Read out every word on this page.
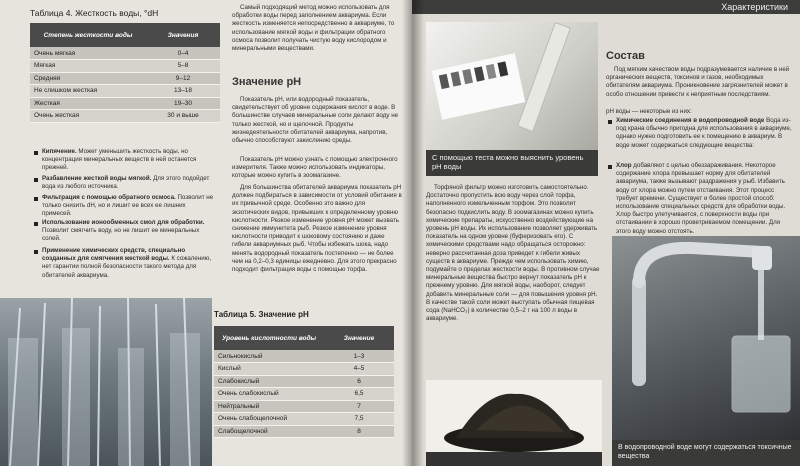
Таблица 4. Жесткость воды, °dH
Степень жесткости воды	Значения
Очень мягкая	0–4
Мягкая	5–8
Средняя	9–12
Не слишком жесткая	13–18
Жесткая	19–30
Очень жесткая	30 и выше
Кипячение. Может уменьшить жесткость воды, но концентрация минеральных веществ в ней останется прежней.
Разбавление жесткой воды мягкой. Для этого подойдет вода из любого источника.
Фильтрация с помощью обратного осмоса. Позволит не только снизить dH, но и лишит ее всех ее лишних примесей.
Использование ионообменных смол для обработки. Позволит смягчить воду, но не лишит ее минеральных солей.
Применение химических средств, специально созданных для смягчения жесткой воды. К сожалению, нет гарантии полной безопасности такого метода для обитателей аквариума.
Самый подходящий метод можно использовать для обработки воды перед заполнением аквариума. Если жесткость изменяется непосредственно в аквариуме, то использование мягкой воды и фильтрации обратного осмоса позволит получать чистую воду кислородом и минеральными веществами.
Значение pH
Показатель pH, или водородный показатель, свидетельствует об уровне содержания кислот в воде. В большинстве случаев минеральные соли делают воду не только жесткой, но и щелочной. Продукты жизнедеятельности обитателей аквариума, напротив, обычно способствуют закислению среды.
Показатель pH можно узнать с помощью электронного измерителя. Также можно использовать индикаторы, которые можно купить в зоомагазине.
Для большинства обитателей аквариума показатель pH должен подбираться в зависимости от условий обитания в их привычной среде. Особенно это важно для экзотических видов, привыкших к определенному уровню кислотности. Резкое изменение уровня pH может вызвать снижение иммунитета рыб. Резкое изменение уровня кислотности приводит к шоковому состоянию и даже гибели аквариумных рыб. Чтобы избежать шока, надо менять водородный показатель постепенно — не более чем на 0,2–0,3 единицы ежедневно. Для этого прекрасно подходит фильтрация воды с помощью торфа.
Таблица 5. Значение pH
Уровень кислотности воды	Значение
Сильнокислый	1–3
Кислый	4–5
Слабокислый	6
Очень слабокислый	6,5
Нейтральный	7
Очень слабощелочной	7,5
Слабощелочной	8
Характеристики
С помощью теста можно выяснить уровень pH воды
Состав
Под мягким качеством воды подразумевается наличие в ней органических веществ, токсинов и газов, необходимых обитателям аквариума. Проникновение загрязнителей может в особо отношении привести к неприятным последствиям.
pH воды — некоторые из них:
Химические соединения в водопроводной воде Вода из-под крана обычно пригодна для использования в аквариуме, однако нужно подготовить ее к помещению в аквариум. В воде может содержаться следующие вещества:
Хлор добавляют с целью обеззараживания. Некоторое содержание хлора превышает норму для обитателей аквариума, также вызывают раздражения у рыб. Избавить воду от хлора можно путем отстаивания. Этот процесс требует времени. Существует и более простой способ: использование специальных средств для обработки воды. Хлор быстро улетучивается, с поверхности воды при отстаивании в хорошо проветриваемом помещении. Для этого воду можно отстоять.
Торфяной фильтр можно изготовить самостоятельно. Достаточно пропустить всю воду через слой торфа, наполненного измельченным торфом. Это позволит безопасно подкислить воду. В зоомагазинах можно купить химические препараты, искусственно воздействующие на уровень pH воды. Их использование позволяет удерживать показатель на одном уровне (буферизовать его). С химическими средствами надо обращаться осторожно: неверно рассчитанная доза приведет к гибели живых существ в аквариуме. Прежде чем использовать химию, подумайте о пределах жесткости воды. В противном случае минеральные вещества быстро вернут показатель pH к прежнему уровню. Для мягкой воды, наоборот, следует добавить минеральные соли — для повышения уровня pH. В качестве такой соли может выступать обычная пищевая сода (NaHCO₃) в количестве 0,5–2 г на 100 л воды в аквариуме.
В водопроводной воде могут содержаться токсичные вещества
